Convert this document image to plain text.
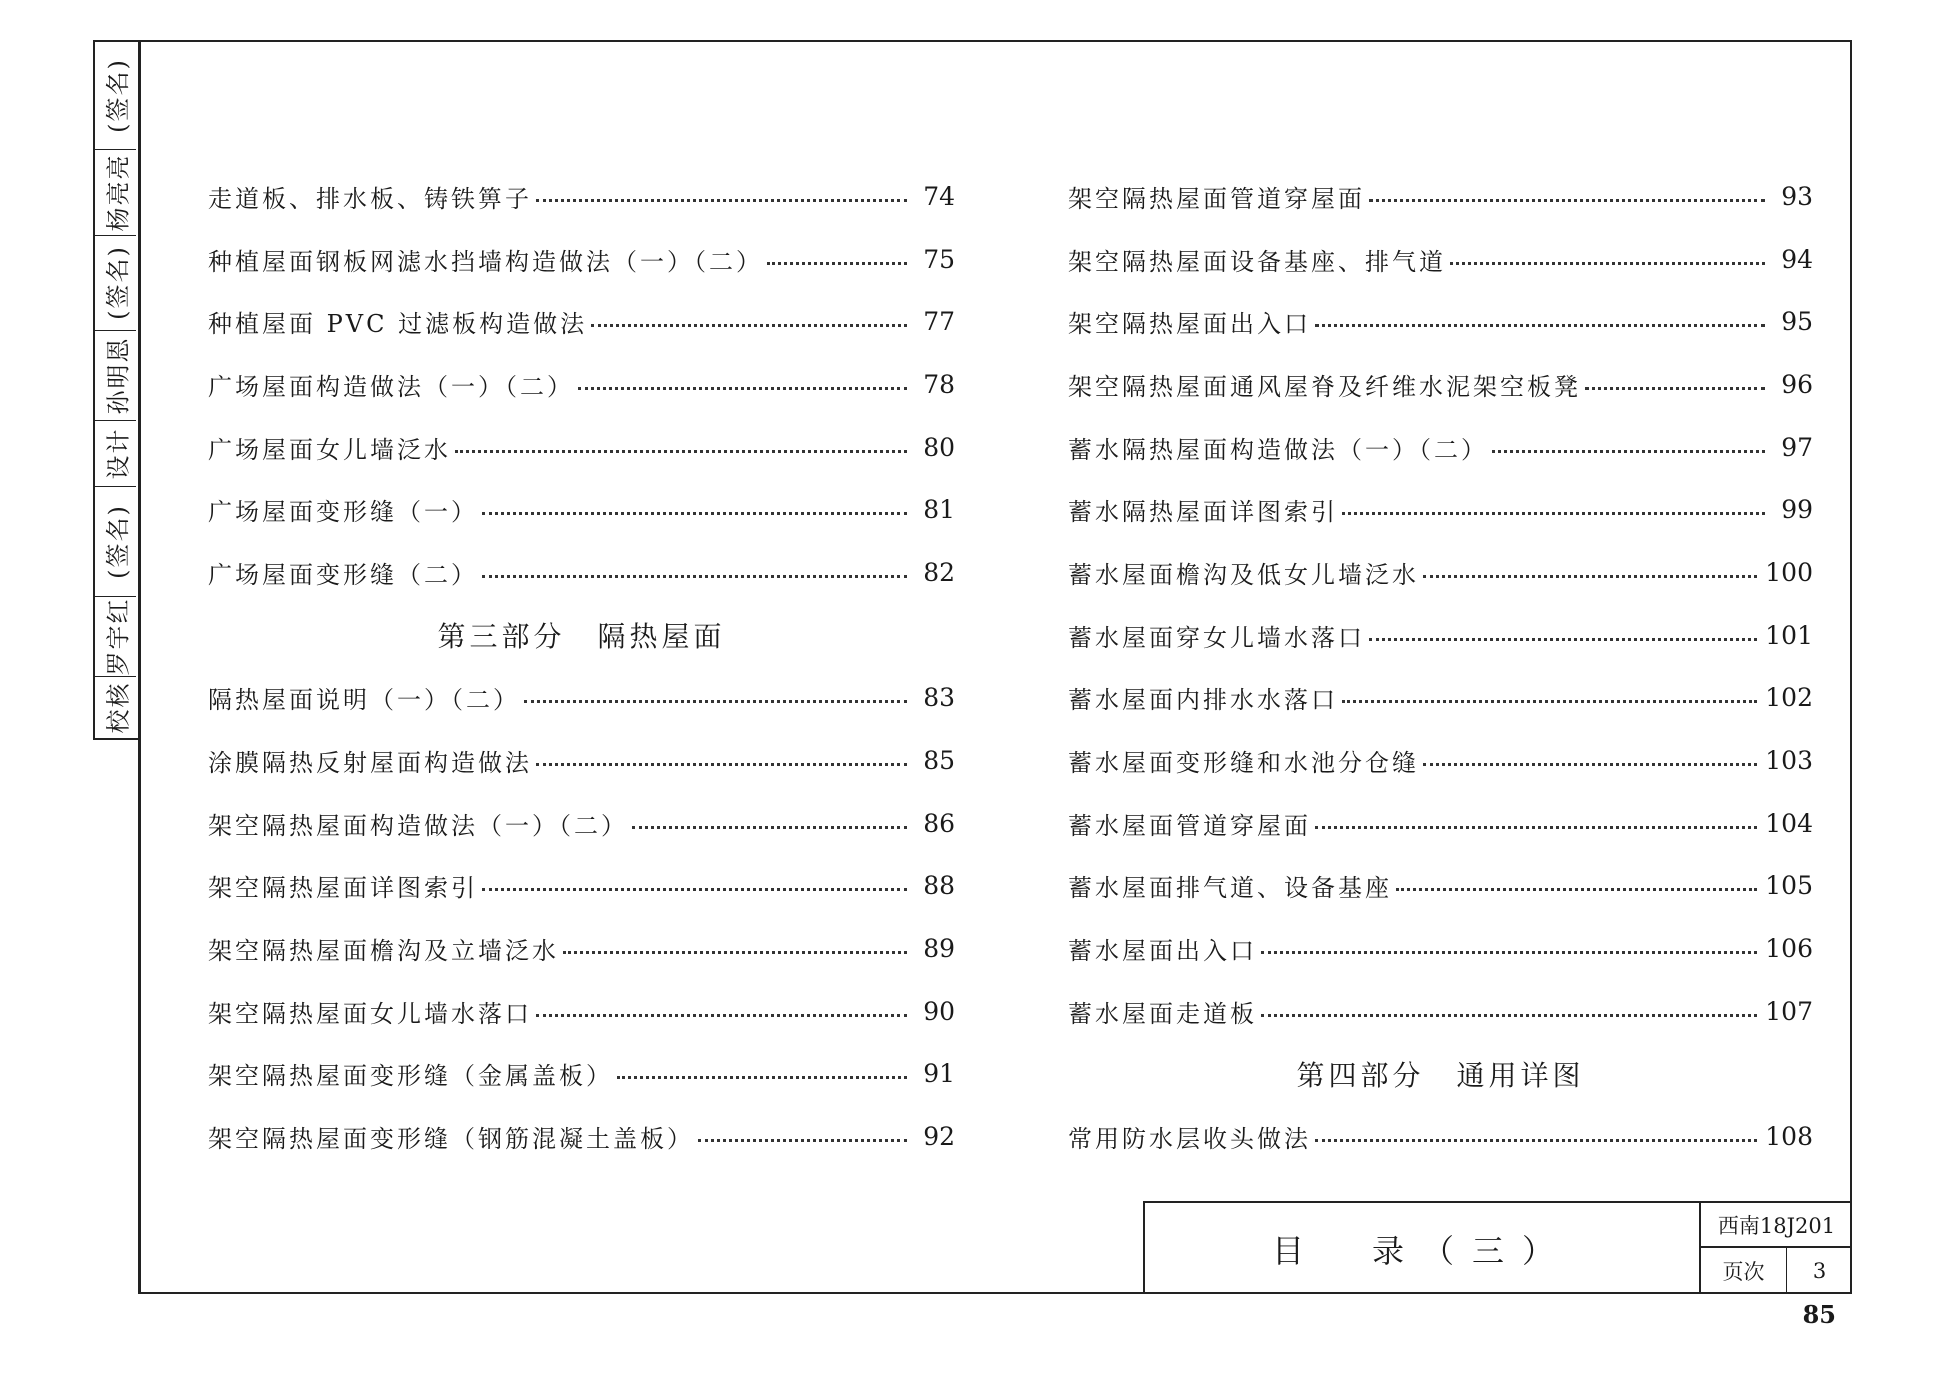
(签名)
杨亮亮
(签名)
孙明恩
设计
(签名)
罗宇红
校核
走道板、排水板、铸铁箅子	74
种植屋面钢板网滤水挡墙构造做法（一）（二）	75
种植屋面 PVC 过滤板构造做法	77
广场屋面构造做法（一）（二）	78
广场屋面女儿墙泛水	80
广场屋面变形缝（一）	81
广场屋面变形缝（二）	82
第三部分　隔热屋面
隔热屋面说明（一）（二）	83
涂膜隔热反射屋面构造做法	85
架空隔热屋面构造做法（一）（二）	86
架空隔热屋面详图索引	88
架空隔热屋面檐沟及立墙泛水	89
架空隔热屋面女儿墙水落口	90
架空隔热屋面变形缝（金属盖板）	91
架空隔热屋面变形缝（钢筋混凝土盖板）	92
架空隔热屋面管道穿屋面	93
架空隔热屋面设备基座、排气道	94
架空隔热屋面出入口	95
架空隔热屋面通风屋脊及纤维水泥架空板凳	96
蓄水隔热屋面构造做法（一）（二）	97
蓄水隔热屋面详图索引	99
蓄水屋面檐沟及低女儿墙泛水	100
蓄水屋面穿女儿墙水落口	101
蓄水屋面内排水水落口	102
蓄水屋面变形缝和水池分仓缝	103
蓄水屋面管道穿屋面	104
蓄水屋面排气道、设备基座	105
蓄水屋面出入口	106
蓄水屋面走道板	107
第四部分　通用详图
常用防水层收头做法	108
目　录（三）
西南18J201
页次	3
85
